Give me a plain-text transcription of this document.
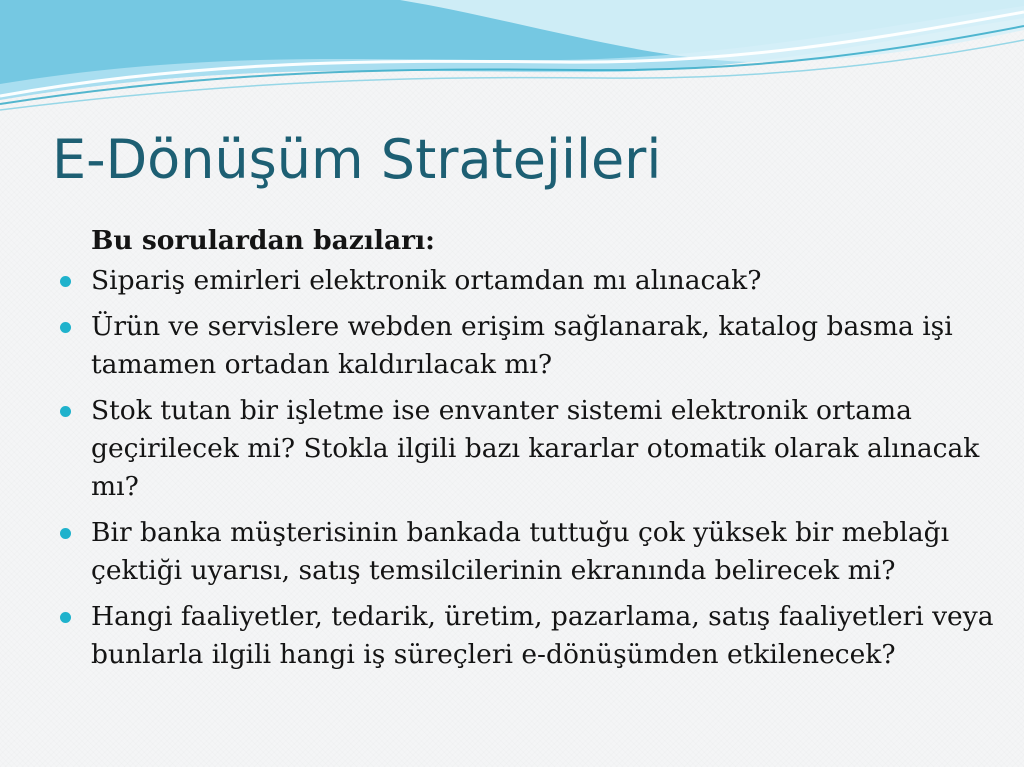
E-Dönüşüm Stratejileri
Bu sorulardan bazıları:
Sipariş emirleri elektronik ortamdan mı alınacak?
Ürün ve servislere webden erişim sağlanarak, katalog basma işi tamamen ortadan kaldırılacak mı?
Stok tutan bir işletme ise envanter sistemi elektronik ortama geçirilecek mi? Stokla ilgili bazı kararlar otomatik olarak alınacak mı?
Bir banka müşterisinin bankada tuttuğu çok yüksek bir meblağı çektiği uyarısı, satış temsilcilerinin ekranında belirecek mi?
Hangi faaliyetler, tedarik, üretim, pazarlama, satış faaliyetleri veya bunlarla ilgili hangi iş süreçleri e-dönüşümden etkilenecek?
